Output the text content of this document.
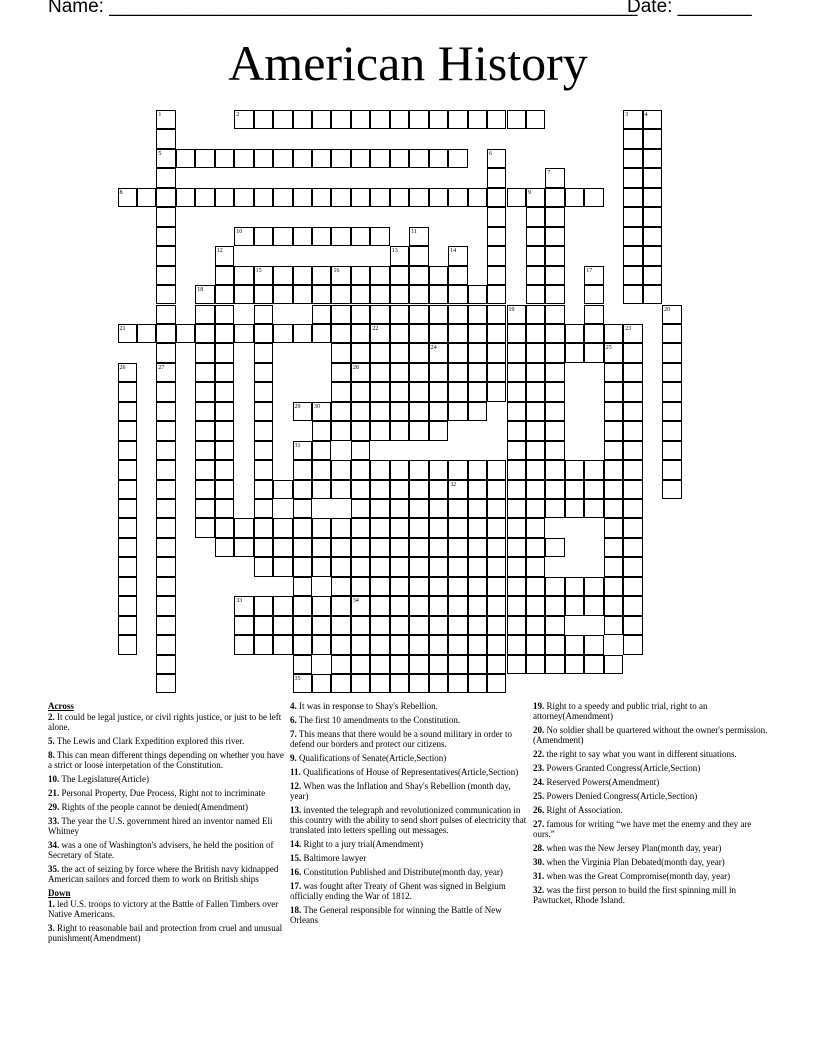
Name: __________________________________________________
Date: _______
American History
1	2	3	4
5	6
7
8	9
10	11
12	13	14
15	16	17
18
19	20
21	22	23
24	25
26	27	28
29 30
31
32
33	34
35
Across
2. It could be legal justice, or civil rights justice, or just to be left alone.
5. The Lewis and Clark Expedition explored this river.
8. This can mean different things depending on whether you have a strict or loose interpetation of the Constitution.
10. The Legislature(Article)
21. Personal Property, Due Process, Right not to incriminate
29. Rights of the people cannot be denied(Amendment)
33. The year the U.S. government hired an inventor named Eli Whitney
34. was a one of Washington's advisers, he held the position of Secretary of State.
35. the act of seizing by force where the British navy kidnapped American sailors and forced them to work on British ships
Down
1. led U.S. troops to victory at the Battle of Fallen Timbers over Native Americans.
3. Right to reasonable bail and protection from cruel and unusual punishment(Amendment)
4. It was in response to Shay's Rebellion.
6. The first 10 amendments to the Constitution.
7. This means that there would be a sound military in order to defend our borders and protect our citizens.
9. Qualifications of Senate(Article,Section)
11. Qualifications of House of Representatives(Article,Section)
12. When was the Inflation and Shay's Rebellion (month day, year)
13. invented the telegraph and revolutionized communication in this country with the ability to send short pulses of electricity that translated into letters spelling out messages.
14. Right to a jury trial(Amendment)
15. Baltimore lawyer
16. Constitution Published and Distribute(month day, year)
17. was fought after Treaty of Ghent was signed in Belgium officially ending the War of 1812.
18. The General responsible for winning the Battle of New Orleans
19. Right to a speedy and public trial, right to an attorney(Amendment)
20. No soldier shall be quartered without the owner's permission.(Amendment)
22. the right to say what you want in different situations.
23. Powers Granted Congress(Article,Section)
24. Reserved Powers(Amendment)
25. Powers Denied Congress(Article,Section)
26. Right of Association.
27. famous for writing “we have met the enemy and they are ours.”
28. when was the New Jersey Plan(month day, year)
30. when the Virginia Plan Debated(month day, year)
31. when was the Great Compromise(month day, year)
32. was the first person to build the first spinning mill in Pawtucket, Rhode Island.
